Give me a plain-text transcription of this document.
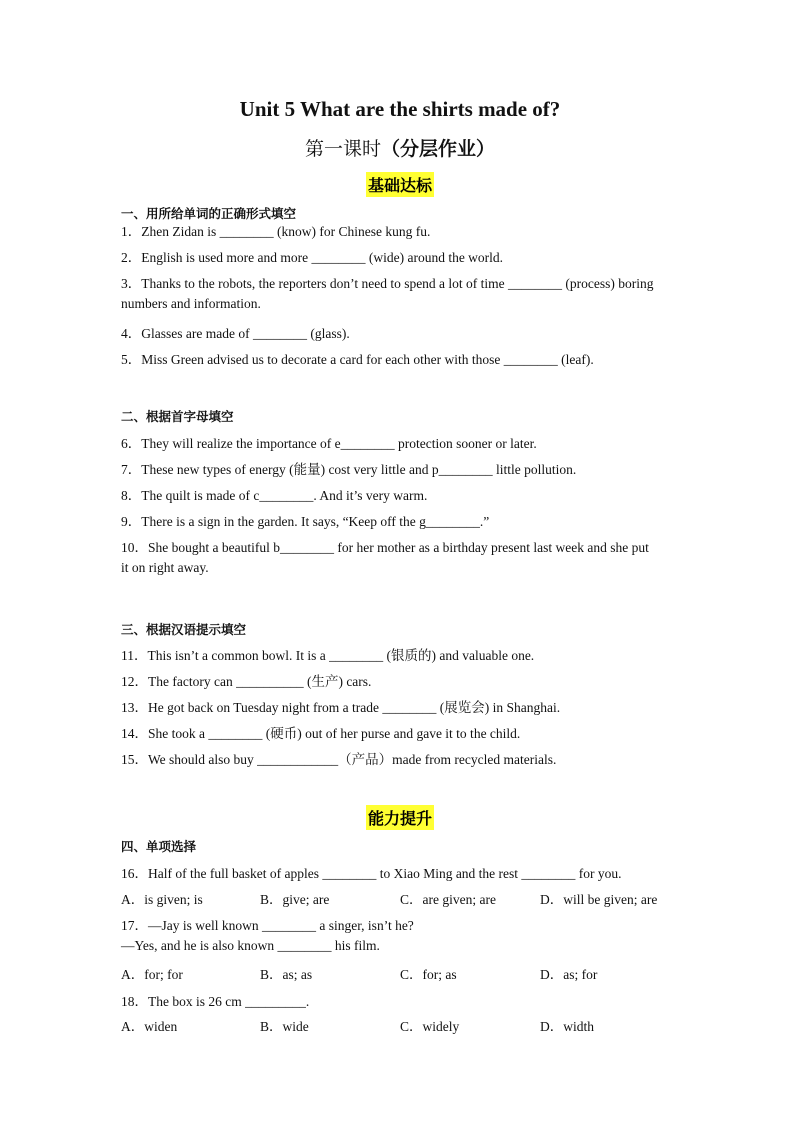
Unit 5 What are the shirts made of?
第一课时（分层作业）
基础达标
一、用所给单词的正确形式填空
1．Zhen Zidan is ________ (know) for Chinese kung fu.
2．English is used more and more ________ (wide) around the world.
3．Thanks to the robots, the reporters don’t need to spend a lot of time ________ (process) boring
numbers and information.
4．Glasses are made of ________ (glass).
5．Miss Green advised us to decorate a card for each other with those ________ (leaf).
二、根据首字母填空
6．They will realize the importance of e________ protection sooner or later.
7．These new types of energy (能量) cost very little and p________ little pollution.
8．The quilt is made of c________. And it’s very warm.
9．There is a sign in the garden. It says, “Keep off the g________.”
10．She bought a beautiful b________ for her mother as a birthday present last week and she put
it on right away.
三、根据汉语提示填空
11．This isn’t a common bowl. It is a ________ (银质的) and valuable one.
12．The factory can __________ (生产) cars.
13．He got back on Tuesday night from a trade ________ (展览会) in Shanghai.
14．She took a ________ (硬币) out of her purse and gave it to the child.
15．We should also buy ____________（产品）made from recycled materials.
能力提升
四、单项选择
16．Half of the full basket of apples ________ to Xiao Ming and the rest ________ for you.
A．is given; is	B．give; are	C．are given; are	D．will be given; are
17．—Jay is well known ________ a singer, isn’t he?
—Yes, and he is also known ________ his film.
A．for; for	B．as; as	C．for; as	D．as; for
18．The box is 26 cm _________.
A．widen	B．wide	C．widely	D．width
